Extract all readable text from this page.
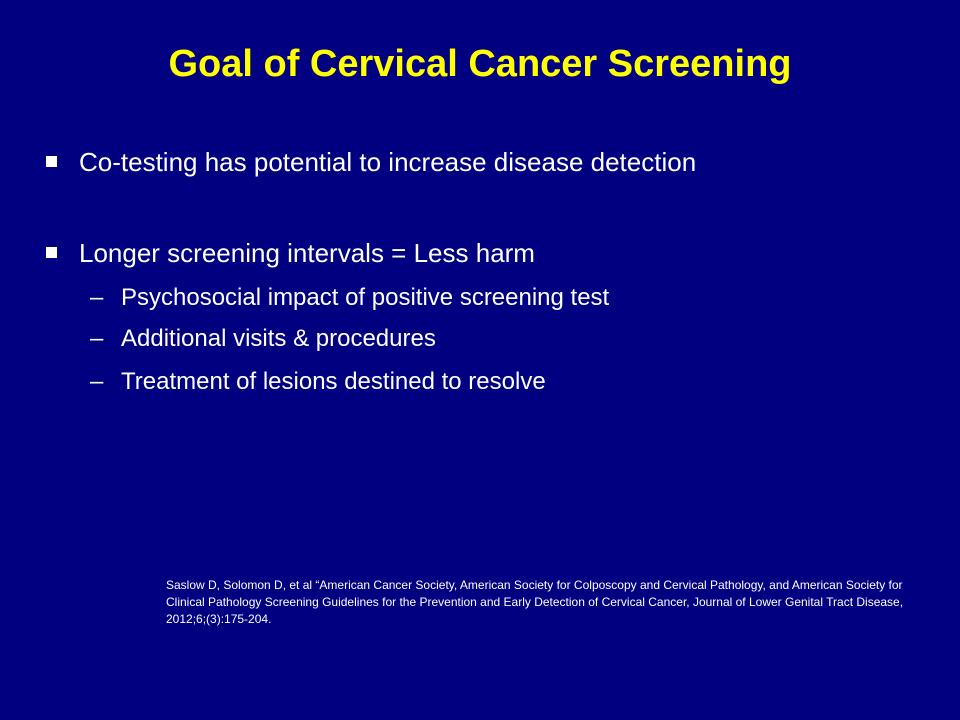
Goal of Cervical Cancer Screening
Co-testing has potential to increase disease detection
Longer screening intervals = Less harm
– Psychosocial impact of positive screening test
– Additional visits & procedures
– Treatment of lesions destined to resolve
Saslow D, Solomon D, et al “American Cancer Society, American Society for Colposcopy and Cervical Pathology, and American Society for Clinical Pathology Screening Guidelines for the Prevention and Early Detection of Cervical Cancer, Journal of Lower Genital Tract Disease, 2012;6;(3):175-204.
